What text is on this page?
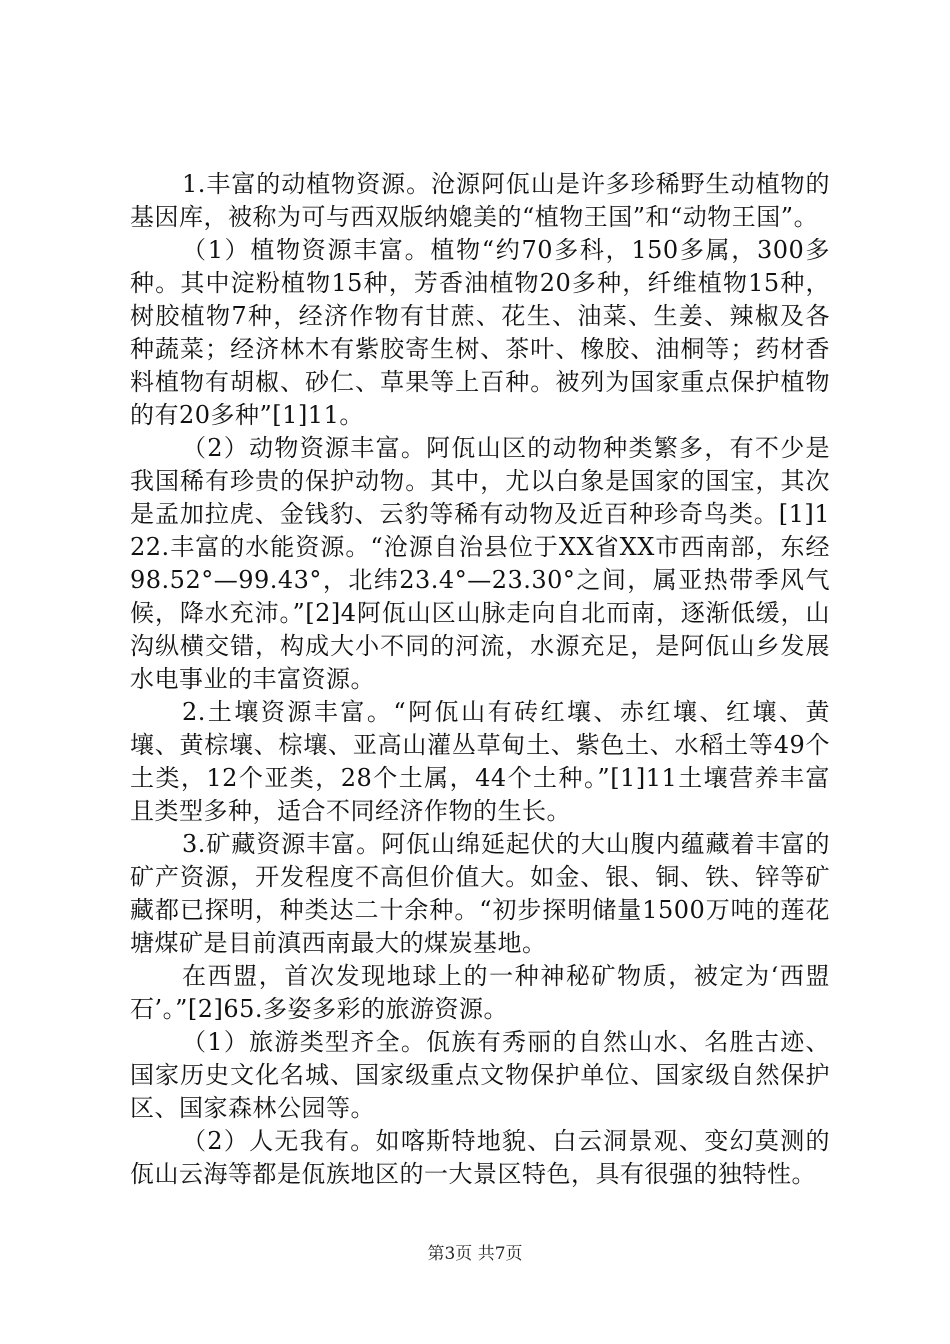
1.丰富的动植物资源。沧源阿佤山是许多珍稀野生动植物的基因库，被称为可与西双版纳媲美的“植物王国”和“动物王国”。

（1）植物资源丰富。植物“约70多科，150多属，300多种。其中淀粉植物15种，芳香油植物20多种，纤维植物15种，树胶植物7种，经济作物有甘蔗、花生、油菜、生姜、辣椒及各种蔬菜；经济林木有紫胶寄生树、茶叶、橡胶、油桐等；药材香料植物有胡椒、砂仁、草果等上百种。被列为国家重点保护植物的有20多种”[1]11。

（2）动物资源丰富。阿佤山区的动物种类繁多，有不少是我国稀有珍贵的保护动物。其中，尤以白象是国家的国宝，其次是孟加拉虎、金钱豹、云豹等稀有动物及近百种珍奇鸟类。[1]122.丰富的水能资源。“沧源自治县位于XX省XX市西南部，东经98.52°—99.43°，北纬23.4°—23.30°之间，属亚热带季风气候，降水充沛。”[2]4阿佤山区山脉走向自北而南，逐渐低缓，山沟纵横交错，构成大小不同的河流，水源充足，是阿佤山乡发展水电事业的丰富资源。

2.土壤资源丰富。“阿佤山有砖红壤、赤红壤、红壤、黄壤、黄棕壤、棕壤、亚高山灌丛草甸土、紫色土、水稻土等49个土类，12个亚类，28个土属，44个土种。”[1]11土壤营养丰富且类型多种，适合不同经济作物的生长。

3.矿藏资源丰富。阿佤山绵延起伏的大山腹内蕴藏着丰富的矿产资源，开发程度不高但价值大。如金、银、铜、铁、锌等矿藏都已探明，种类达二十余种。“初步探明储量1500万吨的莲花塘煤矿是目前滇西南最大的煤炭基地。

在西盟，首次发现地球上的一种神秘矿物质，被定为‘西盟石’。”[2]65.多姿多彩的旅游资源。

（1）旅游类型齐全。佤族有秀丽的自然山水、名胜古迹、国家历史文化名城、国家级重点文物保护单位、国家级自然保护区、国家森林公园等。

（2）人无我有。如喀斯特地貌、白云洞景观、变幻莫测的佤山云海等都是佤族地区的一大景区特色，具有很强的独特性。

第3页 共7页
